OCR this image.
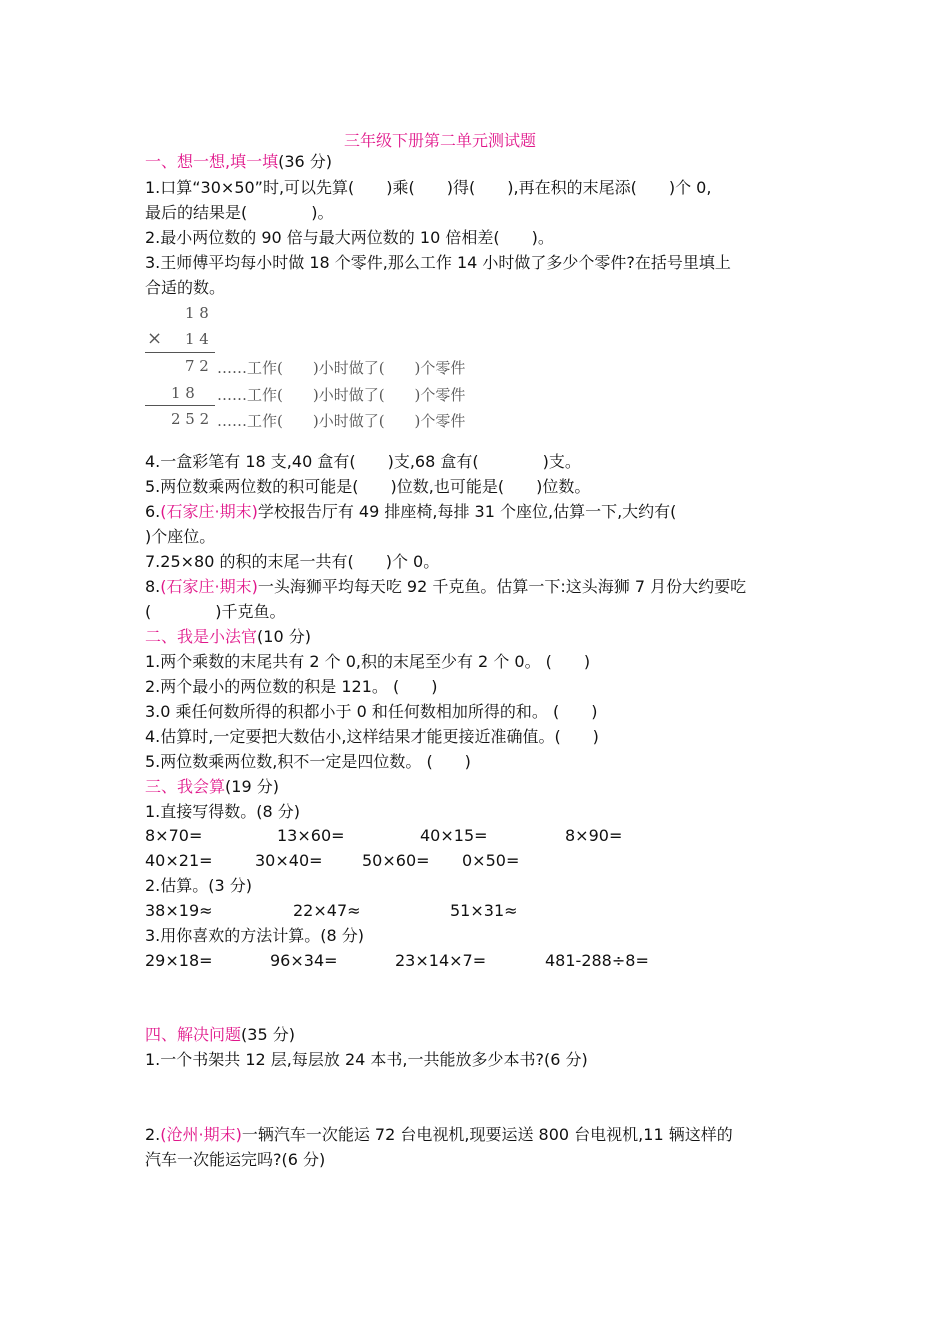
三年级下册第二单元测试题
一、想一想,填一填(36 分)
1.口算“30×50”时,可以先算(　　)乘(　　)得(　　),再在积的末尾添(　　)个 0,
最后的结果是(　　　　)。
2.最小两位数的 90 倍与最大两位数的 10 倍相差(　　)。
3.王师傅平均每小时做 18 个零件,那么工作 14 小时做了多少个零件?在括号里填上
合适的数。
4.一盒彩笔有 18 支,40 盒有(　　)支,68 盒有(　　　　)支。
5.两位数乘两位数的积可能是(　　)位数,也可能是(　　)位数。
6.(石家庄·期末)学校报告厅有 49 排座椅,每排 31 个座位,估算一下,大约有(
)个座位。
7.25×80 的积的末尾一共有(　　)个 0。
8.(石家庄·期末)一头海狮平均每天吃 92 千克鱼。估算一下:这头海狮 7 月份大约要吃
(　　　　)千克鱼。
二、我是小法官(10 分)
1.两个乘数的末尾共有 2 个 0,积的末尾至少有 2 个 0。 (　　)
2.两个最小的两位数的积是 121。 (　　)
3.0 乘任何数所得的积都小于 0 和任何数相加所得的和。 (　　)
4.估算时,一定要把大数估小,这样结果才能更接近准确值。(　　)
5.两位数乘两位数,积不一定是四位数。 (　　)
三、我会算(19 分)
1.直接写得数。(8 分)
8×70=	13×60=	40×15=	8×90=
40×21=	30×40= 50×60= 0×50=
2.估算。(3 分)
38×19≈	22×47≈	51×31≈
3.用你喜欢的方法计算。(8 分)
29×18=	96×34=	23×14×7=	481-288÷8=
四、解决问题(35 分)
1.一个书架共 12 层,每层放 24 本书,一共能放多少本书?(6 分)
2.(沧州·期末)一辆汽车一次能运 72 台电视机,现要运送 800 台电视机,11 辆这样的
汽车一次能运完吗?(6 分)
1 8
× 1 4
7 2 ……工作(　　)小时做了(　　)个零件
1 8 ……工作(　　)小时做了(　　)个零件
2 5 2 ……工作(　　)小时做了(　　)个零件
